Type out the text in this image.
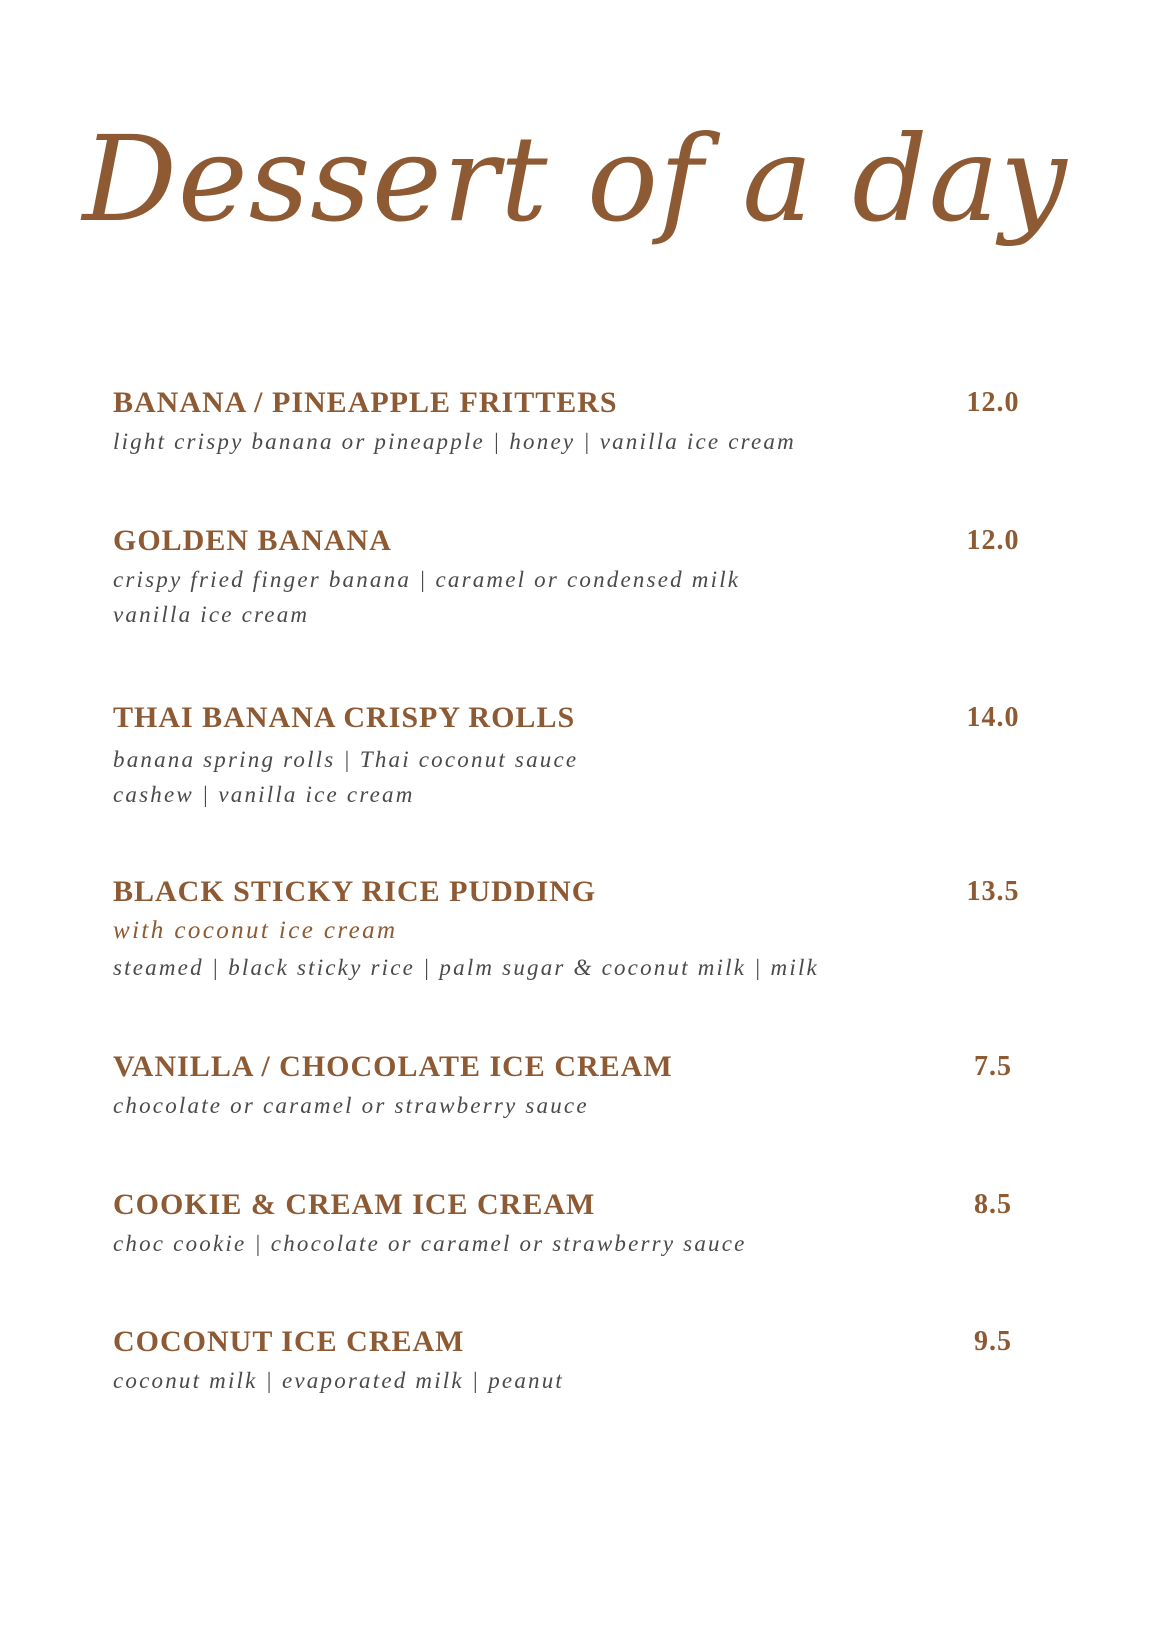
Dessert of a day
BANANA / PINEAPPLE FRITTERS	12.0
light crispy banana or pineapple | honey | vanilla ice cream
GOLDEN BANANA	12.0
crispy fried finger banana | caramel or condensed milk
vanilla ice cream
THAI BANANA CRISPY ROLLS	14.0
banana spring rolls | Thai coconut sauce
cashew | vanilla ice cream
BLACK STICKY RICE PUDDING	13.5
with coconut ice cream
steamed | black sticky rice | palm sugar & coconut milk | milk
VANILLA / CHOCOLATE ICE CREAM	7.5
chocolate or caramel or strawberry sauce
COOKIE & CREAM ICE CREAM	8.5
choc cookie | chocolate or caramel or strawberry sauce
COCONUT ICE CREAM	9.5
coconut milk | evaporated milk | peanut
